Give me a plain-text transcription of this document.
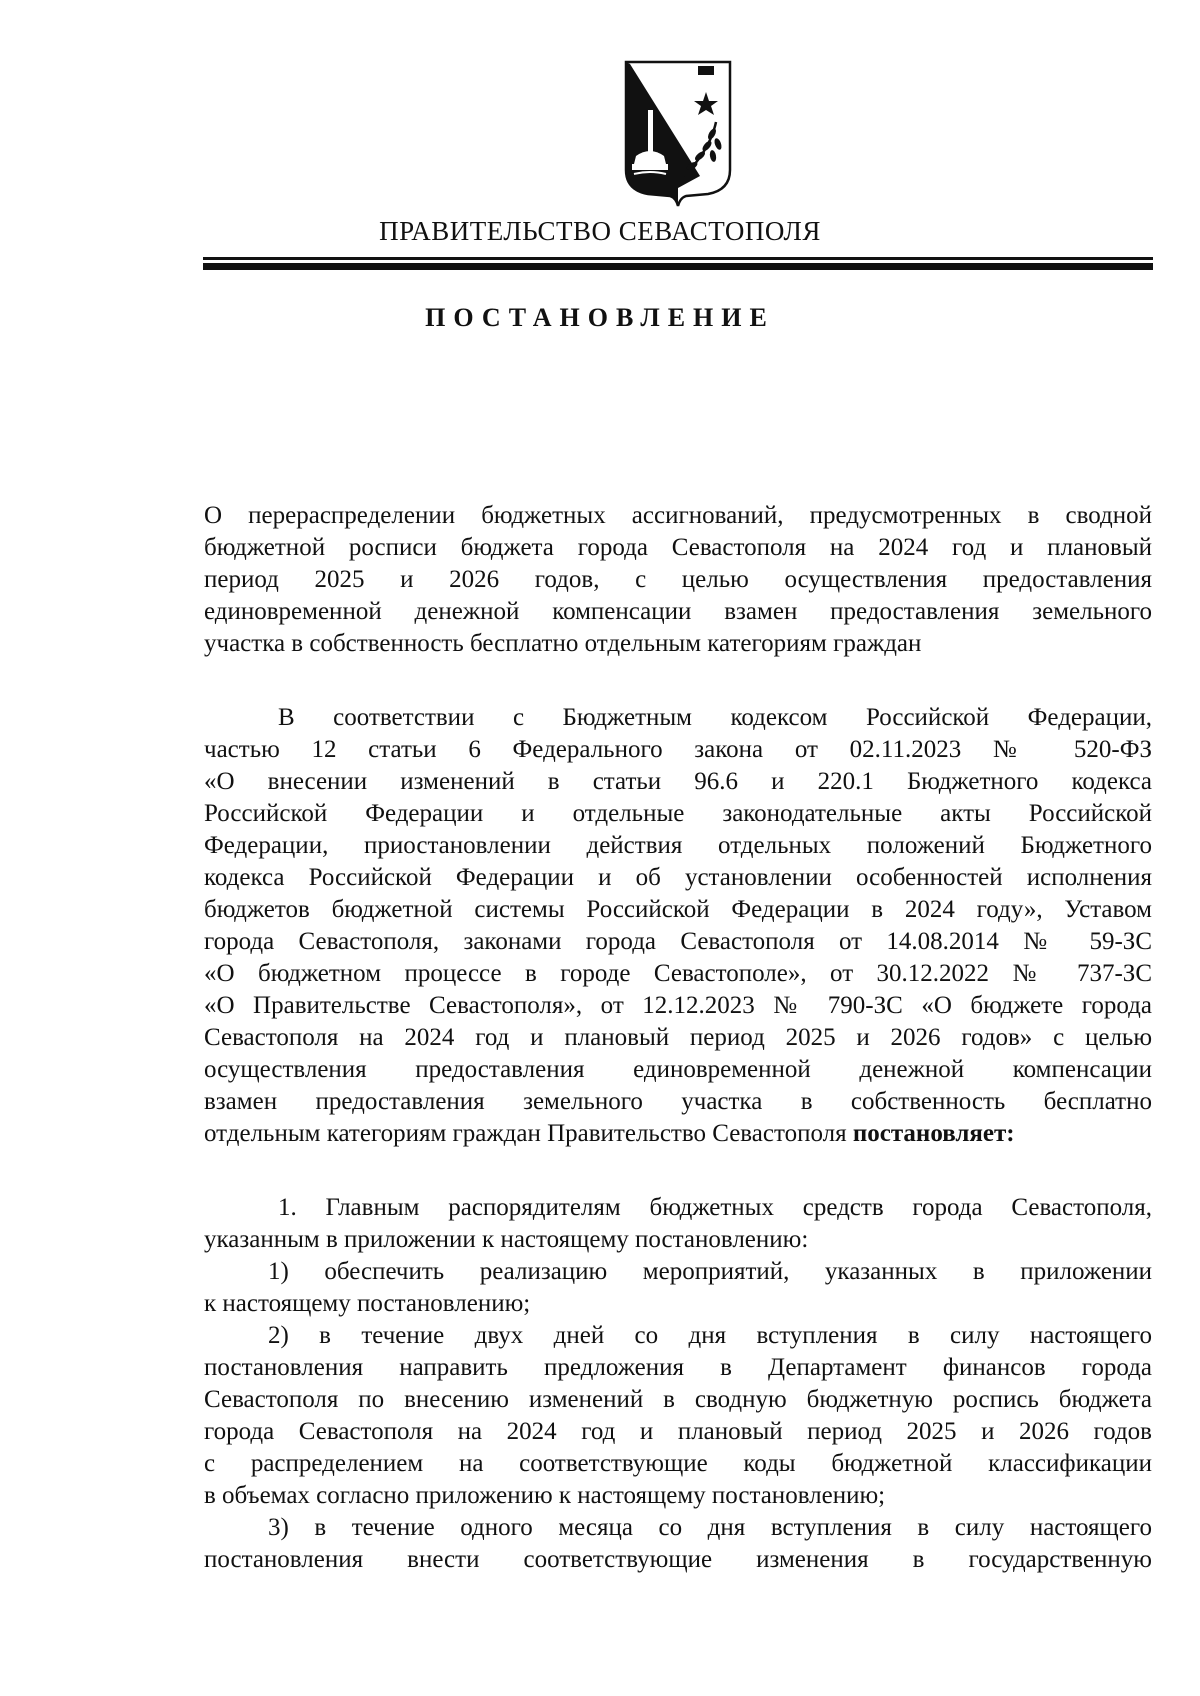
ПРАВИТЕЛЬСТВО СЕВАСТОПОЛЯ
ПОСТАНОВЛЕНИЕ
О перераспределении бюджетных ассигнований, предусмотренных в сводной
бюджетной росписи бюджета города Севастополя на 2024 год и плановый
период 2025 и 2026 годов, с целью осуществления предоставления
единовременной денежной компенсации взамен предоставления земельного
участка в собственность бесплатно отдельным категориям граждан
В соответствии с Бюджетным кодексом Российской Федерации,
частью 12 статьи 6 Федерального закона от 02.11.2023 № 520-ФЗ
«О внесении изменений в статьи 96.6 и 220.1 Бюджетного кодекса
Российской Федерации и отдельные законодательные акты Российской
Федерации, приостановлении действия отдельных положений Бюджетного
кодекса Российской Федерации и об установлении особенностей исполнения
бюджетов бюджетной системы Российской Федерации в 2024 году», Уставом
города Севастополя, законами города Севастополя от 14.08.2014 № 59-ЗС
«О бюджетном процессе в городе Севастополе», от 30.12.2022 № 737-ЗС
«О Правительстве Севастополя», от 12.12.2023 № 790-ЗС «О бюджете города
Севастополя на 2024 год и плановый период 2025 и 2026 годов» с целью
осуществления предоставления единовременной денежной компенсации
взамен предоставления земельного участка в собственность бесплатно
отдельным категориям граждан Правительство Севастополя постановляет:
1. Главным распорядителям бюджетных средств города Севастополя,
указанным в приложении к настоящему постановлению:
1) обеспечить реализацию мероприятий, указанных в приложении
к настоящему постановлению;
2) в течение двух дней со дня вступления в силу настоящего
постановления направить предложения в Департамент финансов города
Севастополя по внесению изменений в сводную бюджетную роспись бюджета
города Севастополя на 2024 год и плановый период 2025 и 2026 годов
с распределением на соответствующие коды бюджетной классификации
в объемах согласно приложению к настоящему постановлению;
3) в течение одного месяца со дня вступления в силу настоящего
постановления внести соответствующие изменения в государственную
